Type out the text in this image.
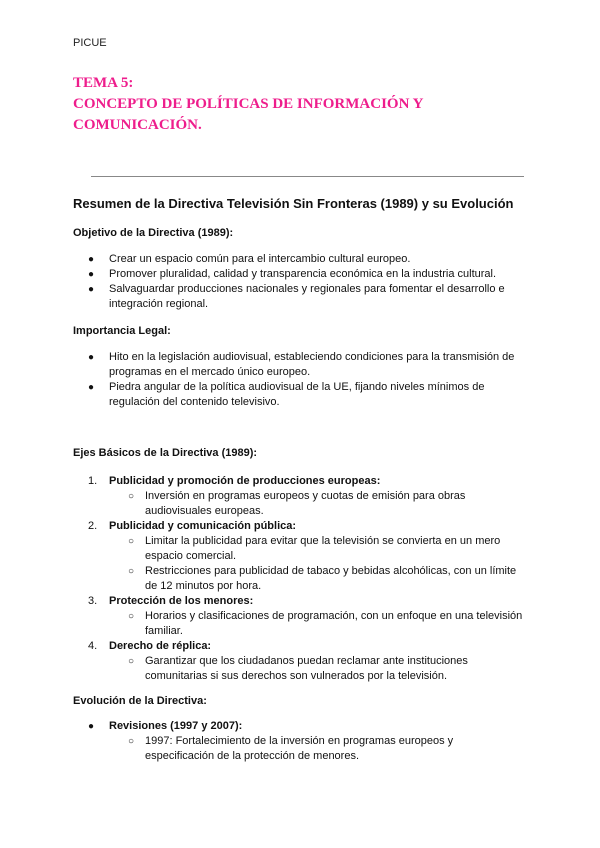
PICUE
TEMA 5:
CONCEPTO DE POLÍTICAS DE INFORMACIÓN Y
COMUNICACIÓN.
Resumen de la Directiva Televisión Sin Fronteras (1989) y su Evolución
Objetivo de la Directiva (1989):
● Crear un espacio común para el intercambio cultural europeo.
● Promover pluralidad, calidad y transparencia económica en la industria cultural.
● Salvaguardar producciones nacionales y regionales para fomentar el desarrollo e integración regional.
Importancia Legal:
● Hito en la legislación audiovisual, estableciendo condiciones para la transmisión de programas en el mercado único europeo.
● Piedra angular de la política audiovisual de la UE, fijando niveles mínimos de regulación del contenido televisivo.
Ejes Básicos de la Directiva (1989):
1. Publicidad y promoción de producciones europeas:
○ Inversión en programas europeos y cuotas de emisión para obras audiovisuales europeas.
2. Publicidad y comunicación pública:
○ Limitar la publicidad para evitar que la televisión se convierta en un mero espacio comercial.
○ Restricciones para publicidad de tabaco y bebidas alcohólicas, con un límite de 12 minutos por hora.
3. Protección de los menores:
○ Horarios y clasificaciones de programación, con un enfoque en una televisión familiar.
4. Derecho de réplica:
○ Garantizar que los ciudadanos puedan reclamar ante instituciones comunitarias si sus derechos son vulnerados por la televisión.
Evolución de la Directiva:
● Revisiones (1997 y 2007):
○ 1997: Fortalecimiento de la inversión en programas europeos y especificación de la protección de menores.
